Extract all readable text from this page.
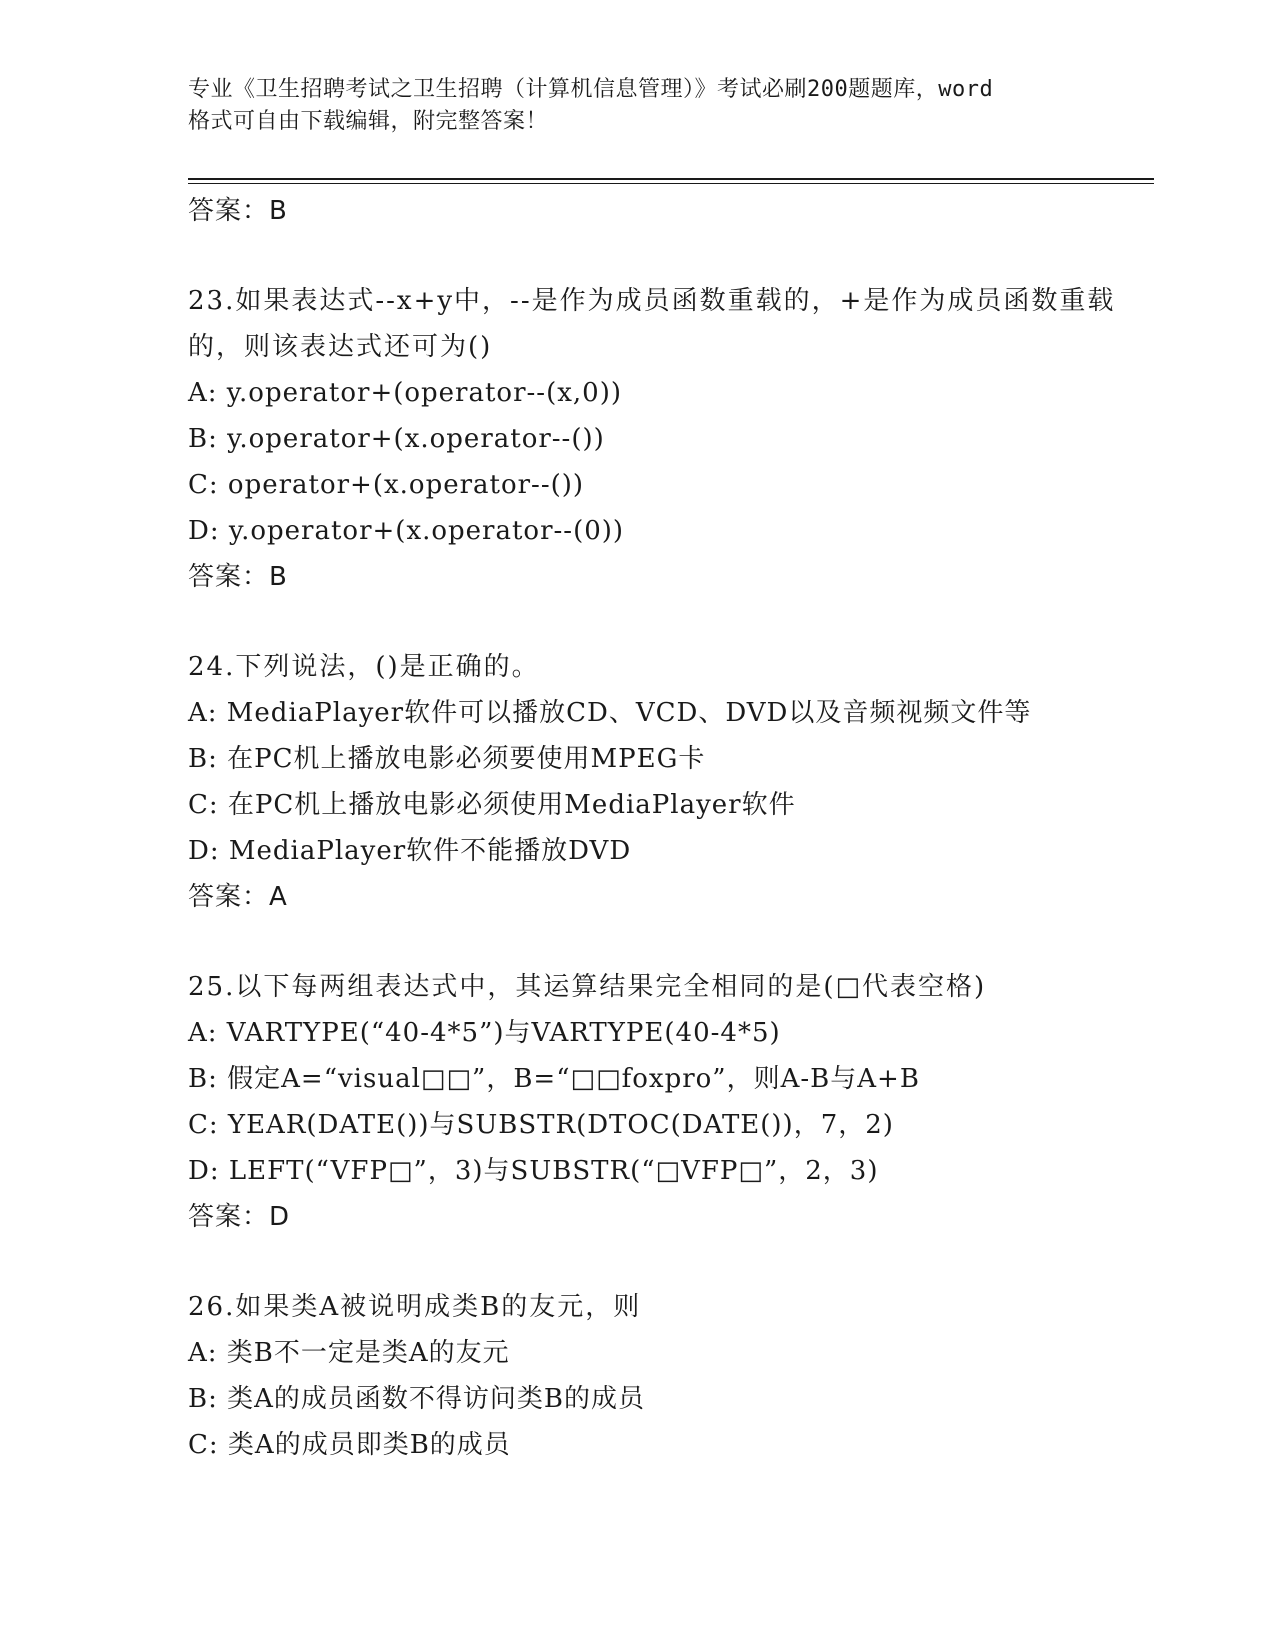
专业《卫生招聘考试之卫生招聘（计算机信息管理）》考试必刷200题题库，word
格式可自由下载编辑，附完整答案！
答案：B
23.如果表达式--x+y中，--是作为成员函数重载的，+是作为成员函数重载的，则该表达式还可为()
A: y.operator+(operator--(x,0))
B: y.operator+(x.operator--())
C: operator+(x.operator--())
D: y.operator+(x.operator--(0))
答案：B
24.下列说法，()是正确的。
A: MediaPlayer软件可以播放CD、VCD、DVD以及音频视频文件等
B: 在PC机上播放电影必须要使用MPEG卡
C: 在PC机上播放电影必须使用MediaPlayer软件
D: MediaPlayer软件不能播放DVD
答案：A
25.以下每两组表达式中，其运算结果完全相同的是(□代表空格)
A: VARTYPE(“40-4*5”)与VARTYPE(40-4*5)
B: 假定A=“visual□□”，B=“□□foxpro”，则A-B与A+B
C: YEAR(DATE())与SUBSTR(DTOC(DATE())，7，2)
D: LEFT(“VFP□”，3)与SUBSTR(“□VFP□”，2，3)
答案：D
26.如果类A被说明成类B的友元，则
A: 类B不一定是类A的友元
B: 类A的成员函数不得访问类B的成员
C: 类A的成员即类B的成员
